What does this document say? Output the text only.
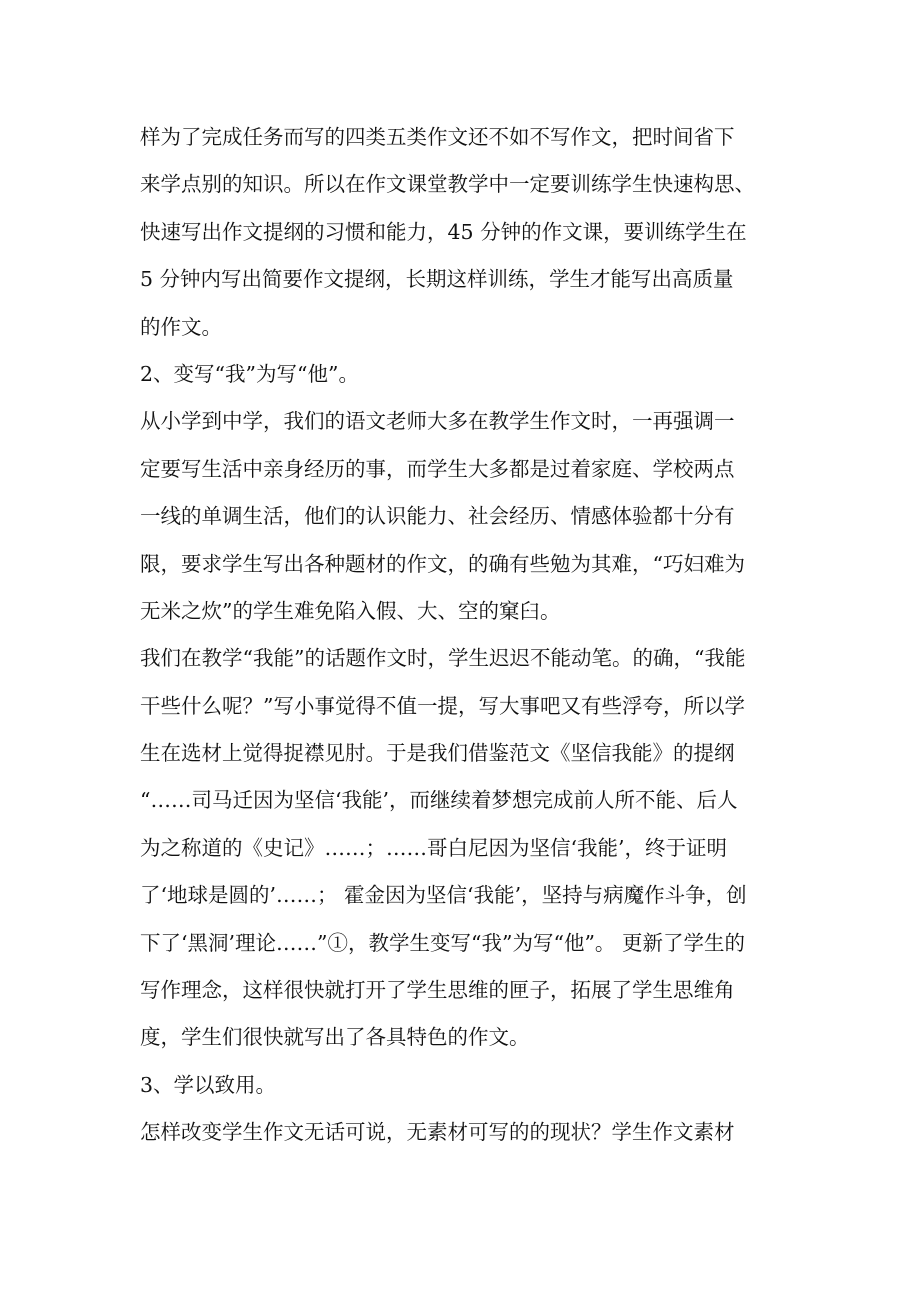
样为了完成任务而写的四类五类作文还不如不写作文，把时间省下
来学点别的知识。所以在作文课堂教学中一定要训练学生快速构思、
快速写出作文提纲的习惯和能力，45 分钟的作文课，要训练学生在
5 分钟内写出简要作文提纲，长期这样训练，学生才能写出高质量
的作文。
2、变写“我”为写“他”。
从小学到中学，我们的语文老师大多在教学生作文时，一再强调一
定要写生活中亲身经历的事，而学生大多都是过着家庭、学校两点
一线的单调生活，他们的认识能力、社会经历、情感体验都十分有
限，要求学生写出各种题材的作文，的确有些勉为其难，“巧妇难为
无米之炊”的学生难免陷入假、大、空的窠臼。
我们在教学“我能”的话题作文时，学生迟迟不能动笔。的确，“我能
干些什么呢？”写小事觉得不值一提，写大事吧又有些浮夸，所以学
生在选材上觉得捉襟见肘。于是我们借鉴范文《坚信我能》的提纲
“……司马迁因为坚信‘我能’，而继续着梦想完成前人所不能、后人
为之称道的《史记》……；……哥白尼因为坚信‘我能’，终于证明
了‘地球是圆的’……； 霍金因为坚信‘我能’，坚持与病魔作斗争，创
下了‘黑洞’理论……”①，教学生变写“我”为写“他”。 更新了学生的
写作理念，这样很快就打开了学生思维的匣子，拓展了学生思维角
度，学生们很快就写出了各具特色的作文。
3、学以致用。
怎样改变学生作文无话可说，无素材可写的的现状？学生作文素材
